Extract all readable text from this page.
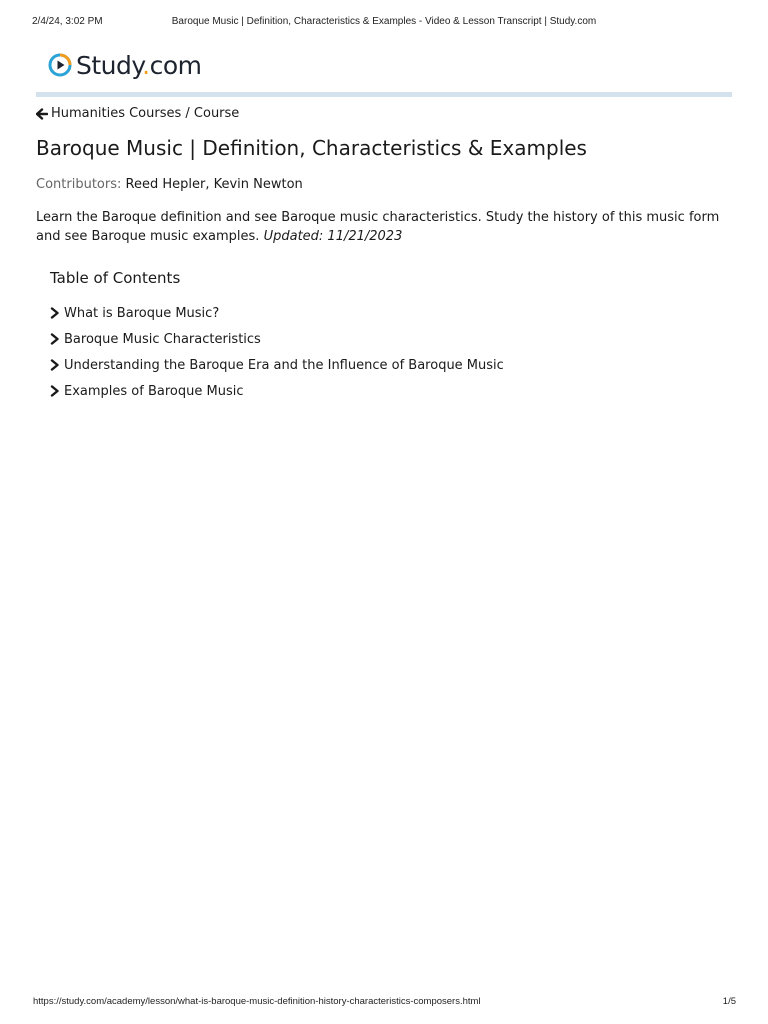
2/4/24, 3:02 PM	Baroque Music | Definition, Characteristics & Examples - Video & Lesson Transcript | Study.com
Study.com
Humanities Courses / Course
Baroque Music | Definition, Characteristics & Examples
Contributors: Reed Hepler, Kevin Newton

Learn the Baroque definition and see Baroque music characteristics. Study the history of this music form and see Baroque music examples. Updated: 11/21/2023

Table of Contents
What is Baroque Music?
Baroque Music Characteristics
Understanding the Baroque Era and the Influence of Baroque Music
Examples of Baroque Music
https://study.com/academy/lesson/what-is-baroque-music-definition-history-characteristics-composers.html	1/5
